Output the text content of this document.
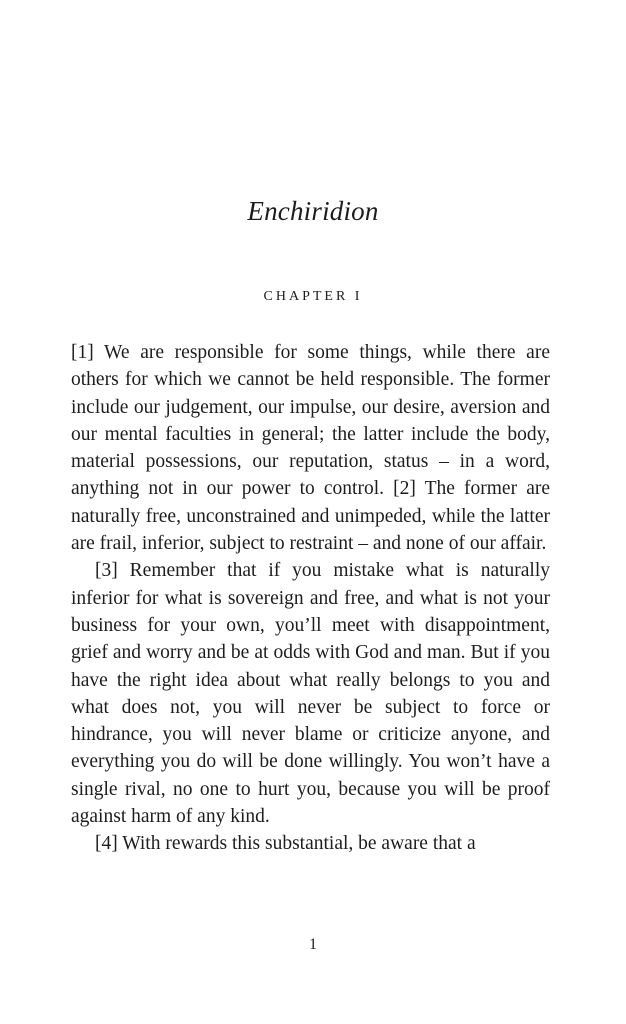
Enchiridion
CHAPTER I

[1] We are responsible for some things, while there are others for which we cannot be held responsible. The former include our judgement, our impulse, our desire, aversion and our mental faculties in general; the latter include the body, material possessions, our reputation, status – in a word, anything not in our power to control. [2] The former are naturally free, unconstrained and unimpeded, while the latter are frail, inferior, subject to restraint – and none of our affair.

[3] Remember that if you mistake what is naturally inferior for what is sovereign and free, and what is not your business for your own, you’ll meet with disappointment, grief and worry and be at odds with God and man. But if you have the right idea about what really belongs to you and what does not, you will never be subject to force or hindrance, you will never blame or criticize anyone, and everything you do will be done willingly. You won’t have a single rival, no one to hurt you, because you will be proof against harm of any kind.

[4] With rewards this substantial, be aware that a

1
